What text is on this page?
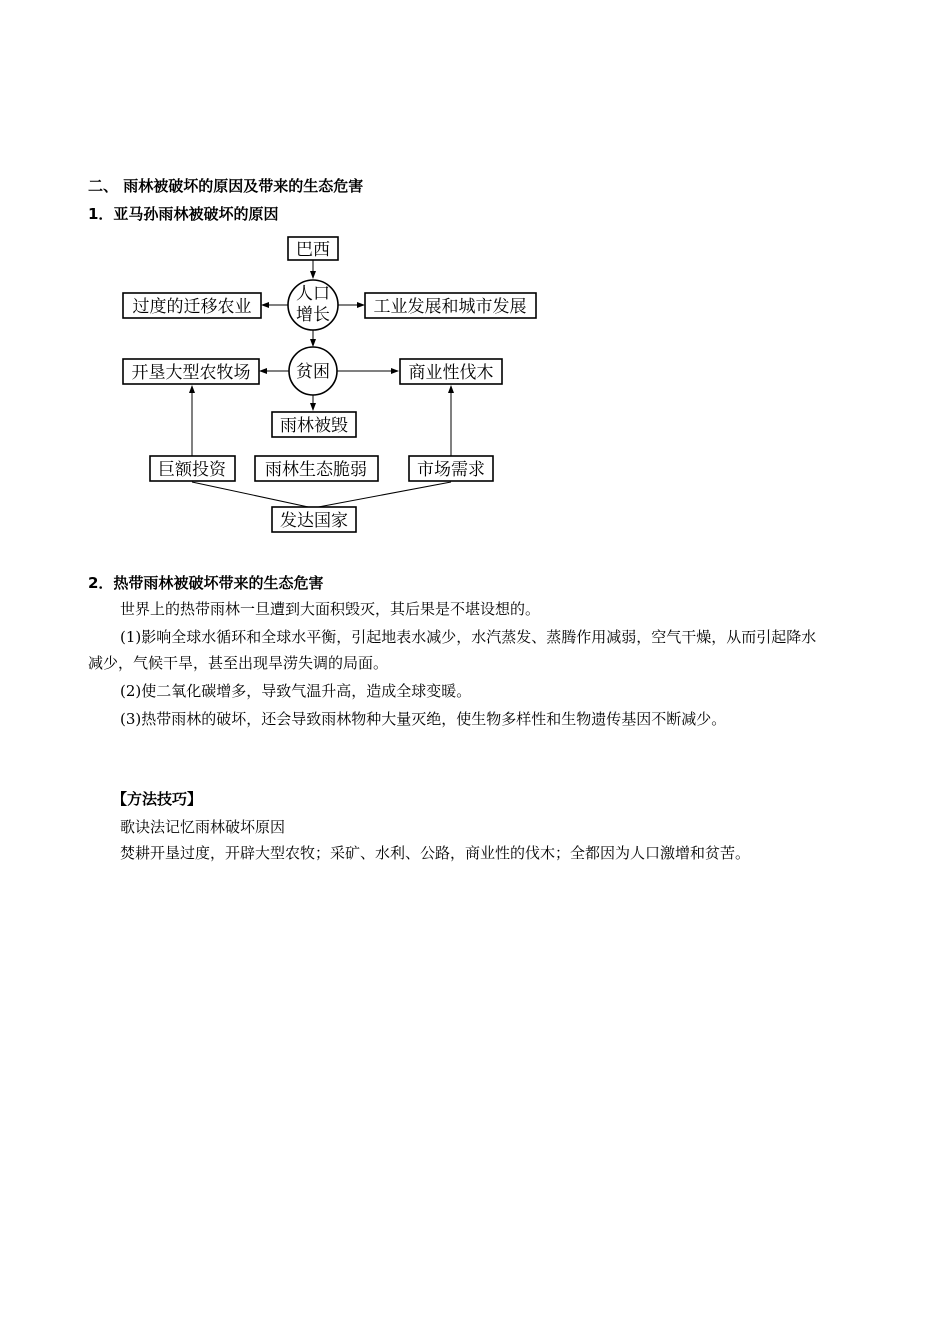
二、 雨林被破坏的原因及带来的生态危害
1．亚马孙雨林被破坏的原因
巴西
人口
增长
过度的迁移农业	工业发展和城市发展
贫困
开垦大型农牧场	商业性伐木
雨林被毁
巨额投资 雨林生态脆弱	市场需求
发达国家
2．热带雨林被破坏带来的生态危害
世界上的热带雨林一旦遭到大面积毁灭，其后果是不堪设想的。
(1)影响全球水循环和全球水平衡，引起地表水减少，水汽蒸发、蒸腾作用减弱，空气干燥，从而引起降水
减少，气候干旱，甚至出现旱涝失调的局面。
(2)使二氧化碳增多，导致气温升高，造成全球变暖。
(3)热带雨林的破坏，还会导致雨林物种大量灭绝，使生物多样性和生物遗传基因不断减少。
【方法技巧】
歌诀法记忆雨林破坏原因
焚耕开垦过度，开辟大型农牧；采矿、水利、公路，商业性的伐木；全都因为人口激增和贫苦。
